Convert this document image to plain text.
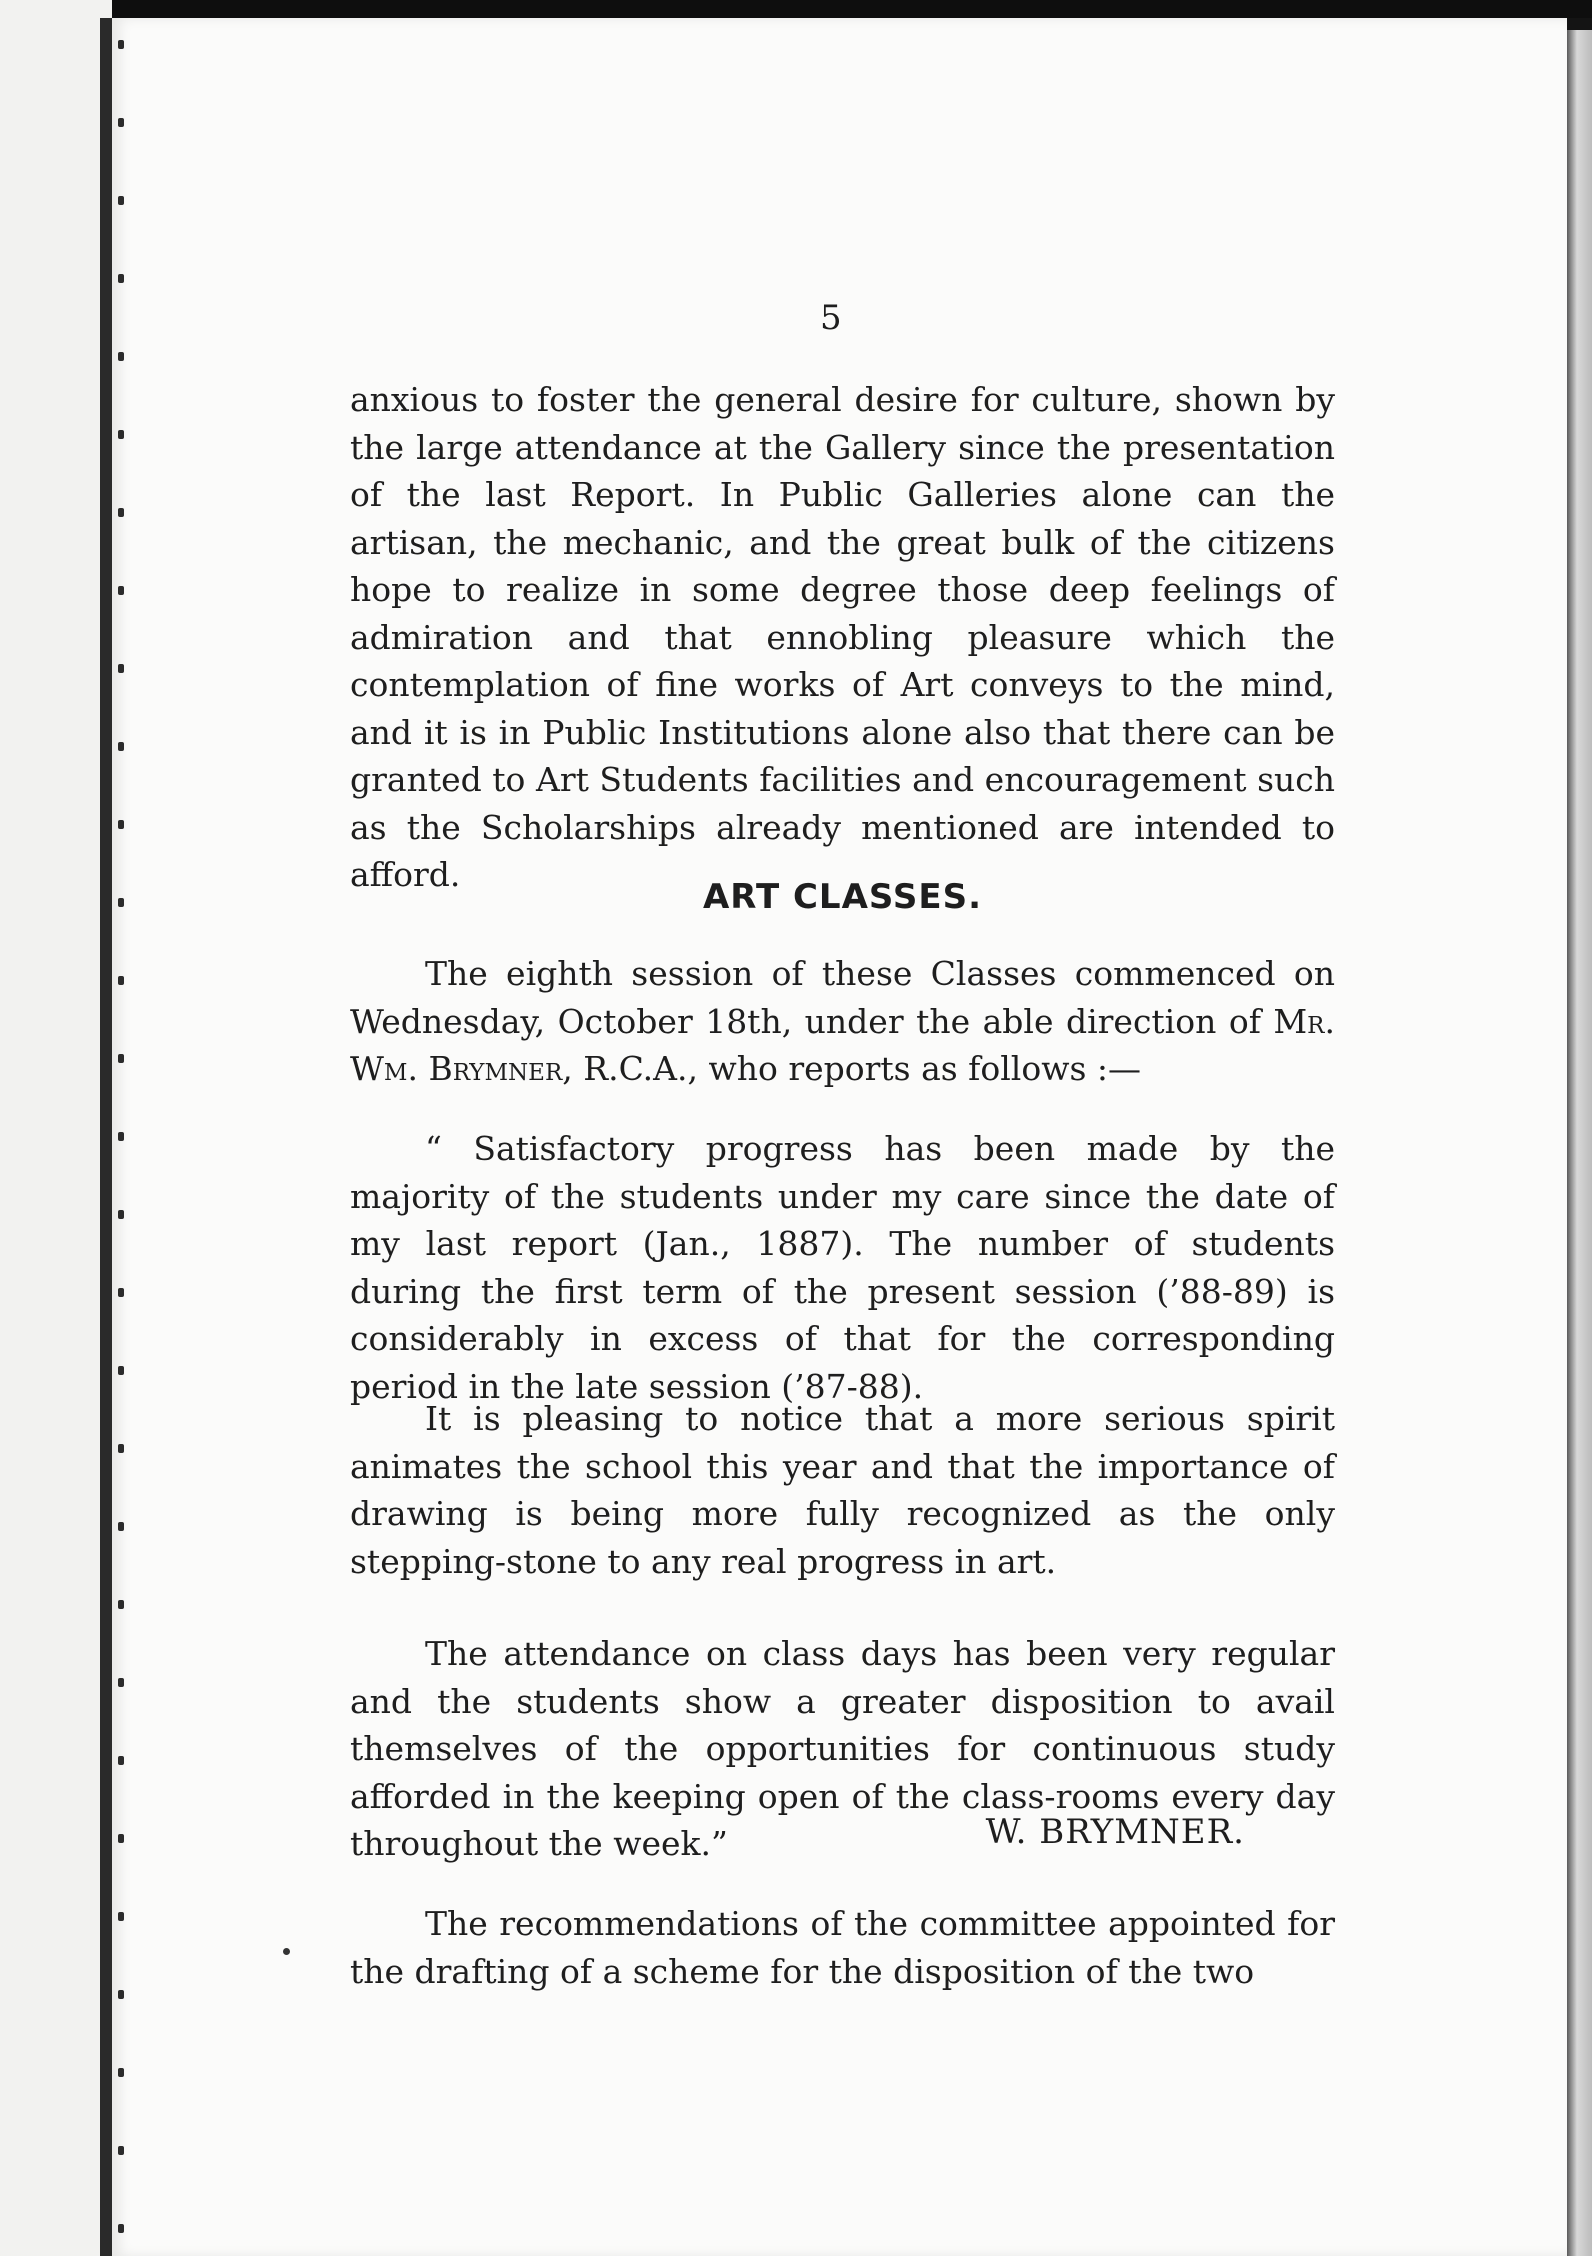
5

anxious to foster the general desire for culture, shown by the large attendance at the Gallery since the presentation of the last Report. In Public Galleries alone can the artisan, the mechanic, and the great bulk of the citizens hope to realize in some degree those deep feelings of admiration and that ennobling pleasure which the contemplation of fine works of Art conveys to the mind, and it is in Public Institutions alone also that there can be granted to Art Students facilities and encouragement such as the Scholarships already mentioned are intended to afford.

ART CLASSES.

The eighth session of these Classes commenced on Wednesday, October 18th, under the able direction of Mr. Wm. Brymner, R.C.A., who reports as follows :—

“ Satisfactory progress has been made by the majority of the students under my care since the date of my last report (Jan., 1887). The number of students during the first term of the present session (’88-89) is considerably in excess of that for the corresponding period in the late session (’87-88).

It is pleasing to notice that a more serious spirit animates the school this year and that the importance of drawing is being more fully recognized as the only stepping-stone to any real progress in art.

The attendance on class days has been very regular and the students show a greater disposition to avail themselves of the opportunities for continuous study afforded in the keeping open of the class-rooms every day throughout the week.”	W. BRYMNER.

The recommendations of the committee appointed for the drafting of a scheme for the disposition of the two
